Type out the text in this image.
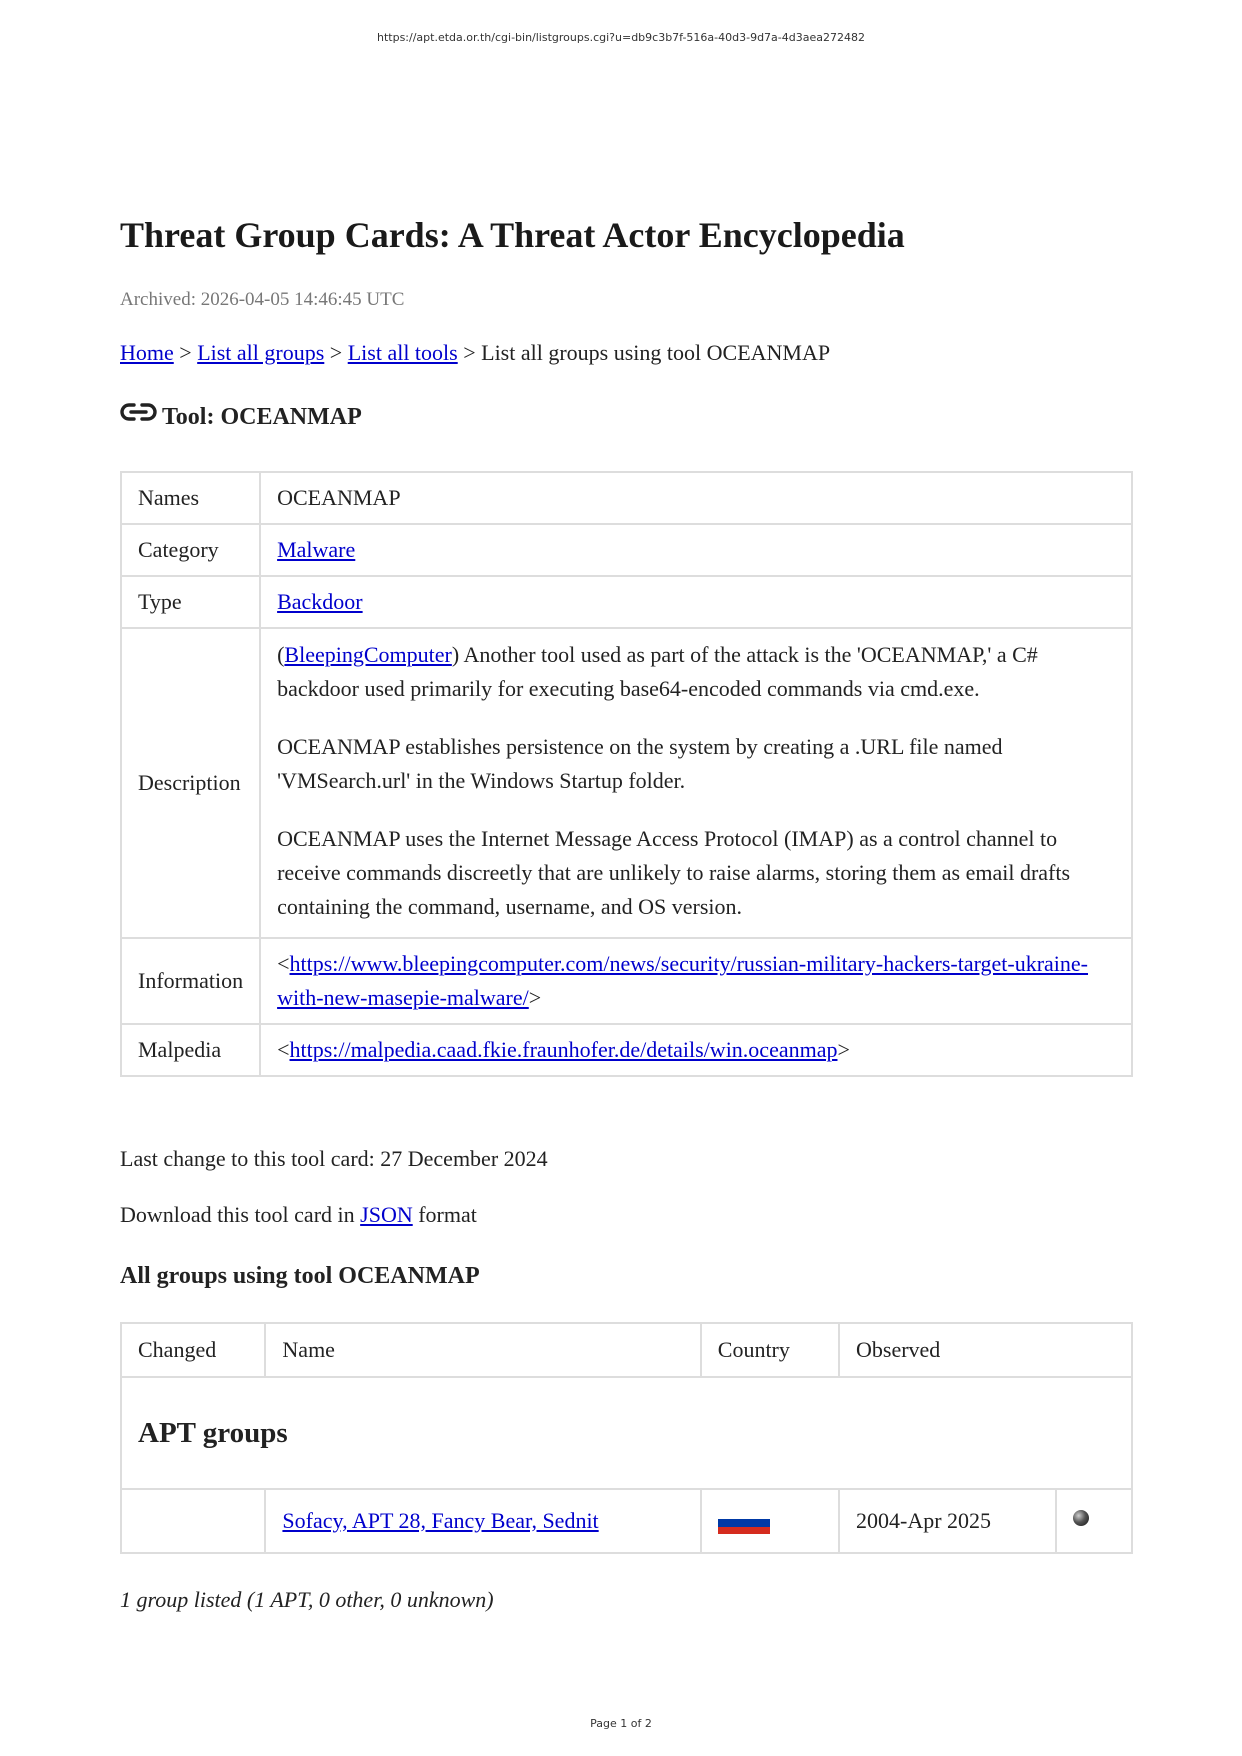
https://apt.etda.or.th/cgi-bin/listgroups.cgi?u=db9c3b7f-516a-40d3-9d7a-4d3aea272482
Threat Group Cards: A Threat Actor Encyclopedia
Archived: 2026-04-05 14:46:45 UTC
Home > List all groups > List all tools > List all groups using tool OCEANMAP
Tool: OCEANMAP
Names	OCEANMAP
Category	Malware
Type	Backdoor
Description	(BleepingComputer) Another tool used as part of the attack is the 'OCEANMAP,' a C# backdoor used primarily for executing base64-encoded commands via cmd.exe.

OCEANMAP establishes persistence on the system by creating a .URL file named 'VMSearch.url' in the Windows Startup folder.

OCEANMAP uses the Internet Message Access Protocol (IMAP) as a control channel to receive commands discreetly that are unlikely to raise alarms, storing them as email drafts containing the command, username, and OS version.

Information	<https://www.bleepingcomputer.com/news/security/russian-military-hackers-target-ukraine-with-new-masepie-malware/>
Malpedia	<https://malpedia.caad.fkie.fraunhofer.de/details/win.oceanmap>
Last change to this tool card: 27 December 2024
Download this tool card in JSON format
All groups using tool OCEANMAP
Changed	Name	Country	Observed	
APT groups				
	Sofacy, APT 28, Fancy Bear, Sednit		2004-Apr 2025	
1 group listed (1 APT, 0 other, 0 unknown)
Page 1 of 2
